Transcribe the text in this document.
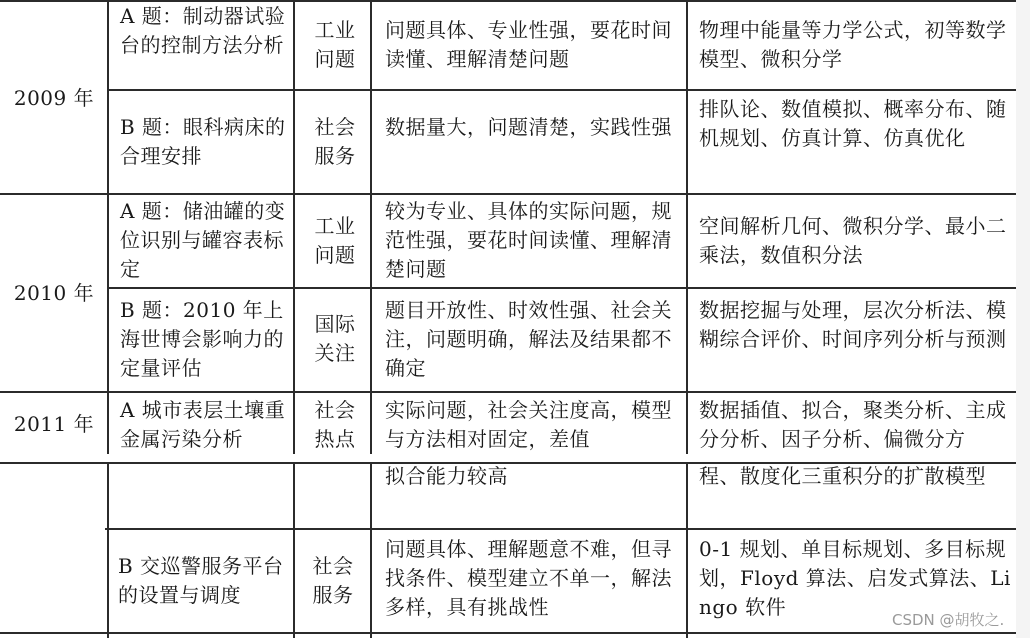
2009 年
2010 年
2011 年
A 题：制动器试验台的控制方法分析
工业问题
问题具体、专业性强，要花时间读懂、理解清楚问题
物理中能量等力学公式，初等数学模型、微积分学
B 题：眼科病床的合理安排
社会服务
数据量大，问题清楚，实践性强
排队论、数值模拟、概率分布、随机规划、仿真计算、仿真优化
A 题：储油罐的变位识别与罐容表标定
工业问题
较为专业、具体的实际问题，规范性强，要花时间读懂、理解清楚问题
空间解析几何、微积分学、最小二乘法，数值积分法
B 题：2010 年上海世博会影响力的定量评估
国际关注
题目开放性、时效性强、社会关注，问题明确，解法及结果都不确定
数据挖掘与处理，层次分析法、模糊综合评价、时间序列分析与预测
A 城市表层土壤重金属污染分析
社会热点
实际问题，社会关注度高，模型与方法相对固定，差值
数据插值、拟合，聚类分析、主成分分析、因子分析、偏微分方
拟合能力较高	程、散度化三重积分的扩散模型
B 交巡警服务平台的设置与调度
社会服务
问题具体、理解题意不难，但寻找条件、模型建立不单一，解法多样，具有挑战性
0-1 规划、单目标规划、多目标规划，Floyd 算法、启发式算法、Lingo 软件
CSDN @胡牧之.
